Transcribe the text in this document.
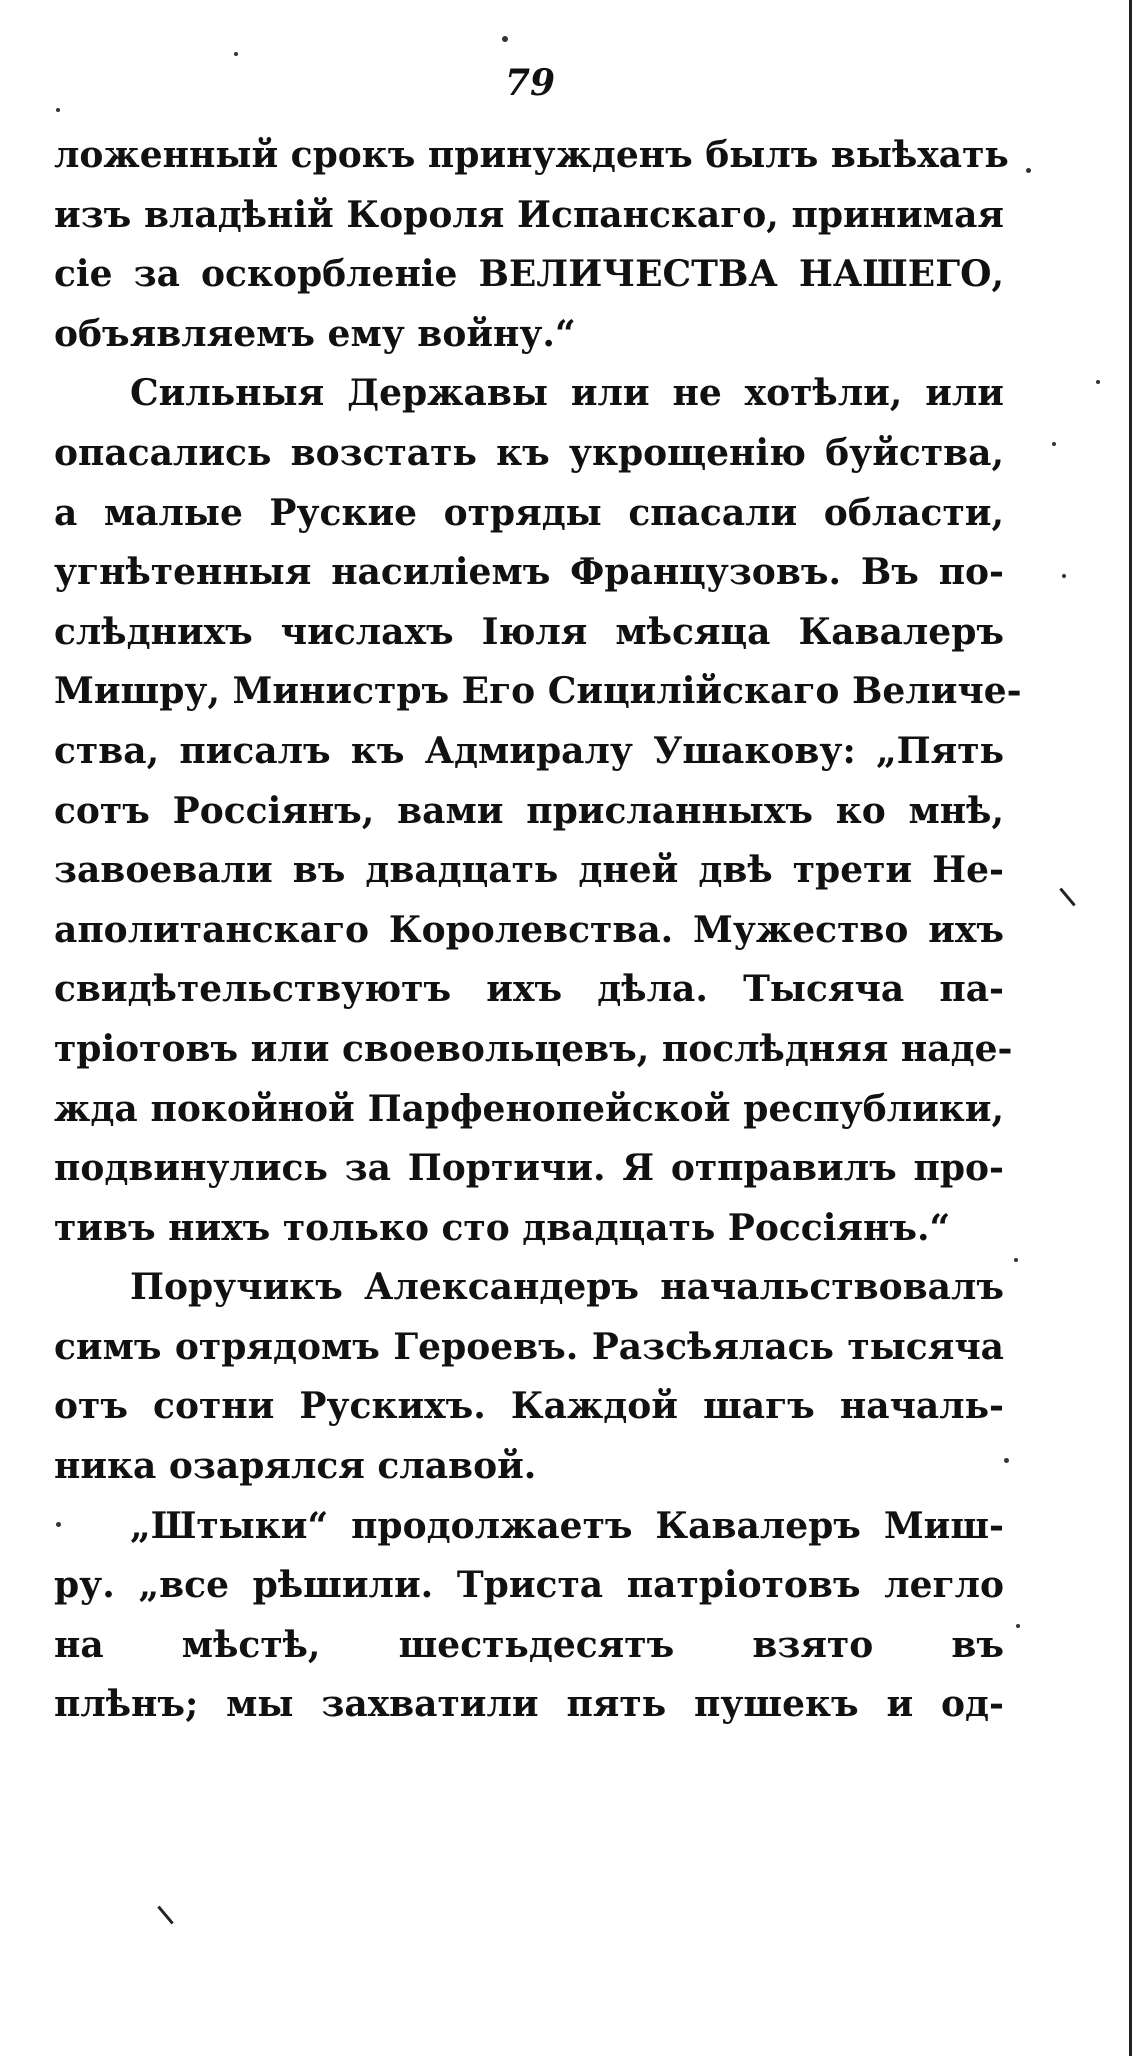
79
ложенный срокъ принужденъ былъ выѣхать
изъ владѣній Короля Испанскаго, принимая
сіе за оскорбленіе ВЕЛИЧЕСТВА НАШЕГО,
объявляемъ ему войну.“
Сильныя Державы или не хотѣли, или
опасались возстать къ укрощенію буйства,
а малые Руские отряды спасали области,
угнѣтенныя насиліемъ Французовъ. Въ по-
слѣднихъ числахъ Іюля мѣсяца Кавалеръ
Мишру, Министръ Его Сицилійскаго Величе-
ства, писалъ къ Адмиралу Ушакову: „Пять
сотъ Россіянъ, вами присланныхъ ко мнѣ,
завоевали въ двадцать дней двѣ трети Не-
аполитанскаго Королевства. Мужество ихъ
свидѣтельствуютъ ихъ дѣла. Тысяча па-
тріотовъ или своевольцевъ, послѣдняя наде-
жда покойной Парфенопейской республики,
подвинулись за Портичи. Я отправилъ про-
тивъ нихъ только сто двадцать Россіянъ.“
Поручикъ Александеръ начальствовалъ
симъ отрядомъ Героевъ. Разсѣялась тысяча
отъ сотни Рускихъ. Каждой шагъ началь-
ника озарялся славой.
„Штыки“ продолжаетъ Кавалеръ Миш-
ру. „все рѣшили. Триста патріотовъ легло
на мѣстѣ, шестьдесятъ взято въ
плѣнъ; мы захватили пять пушекъ и од-
